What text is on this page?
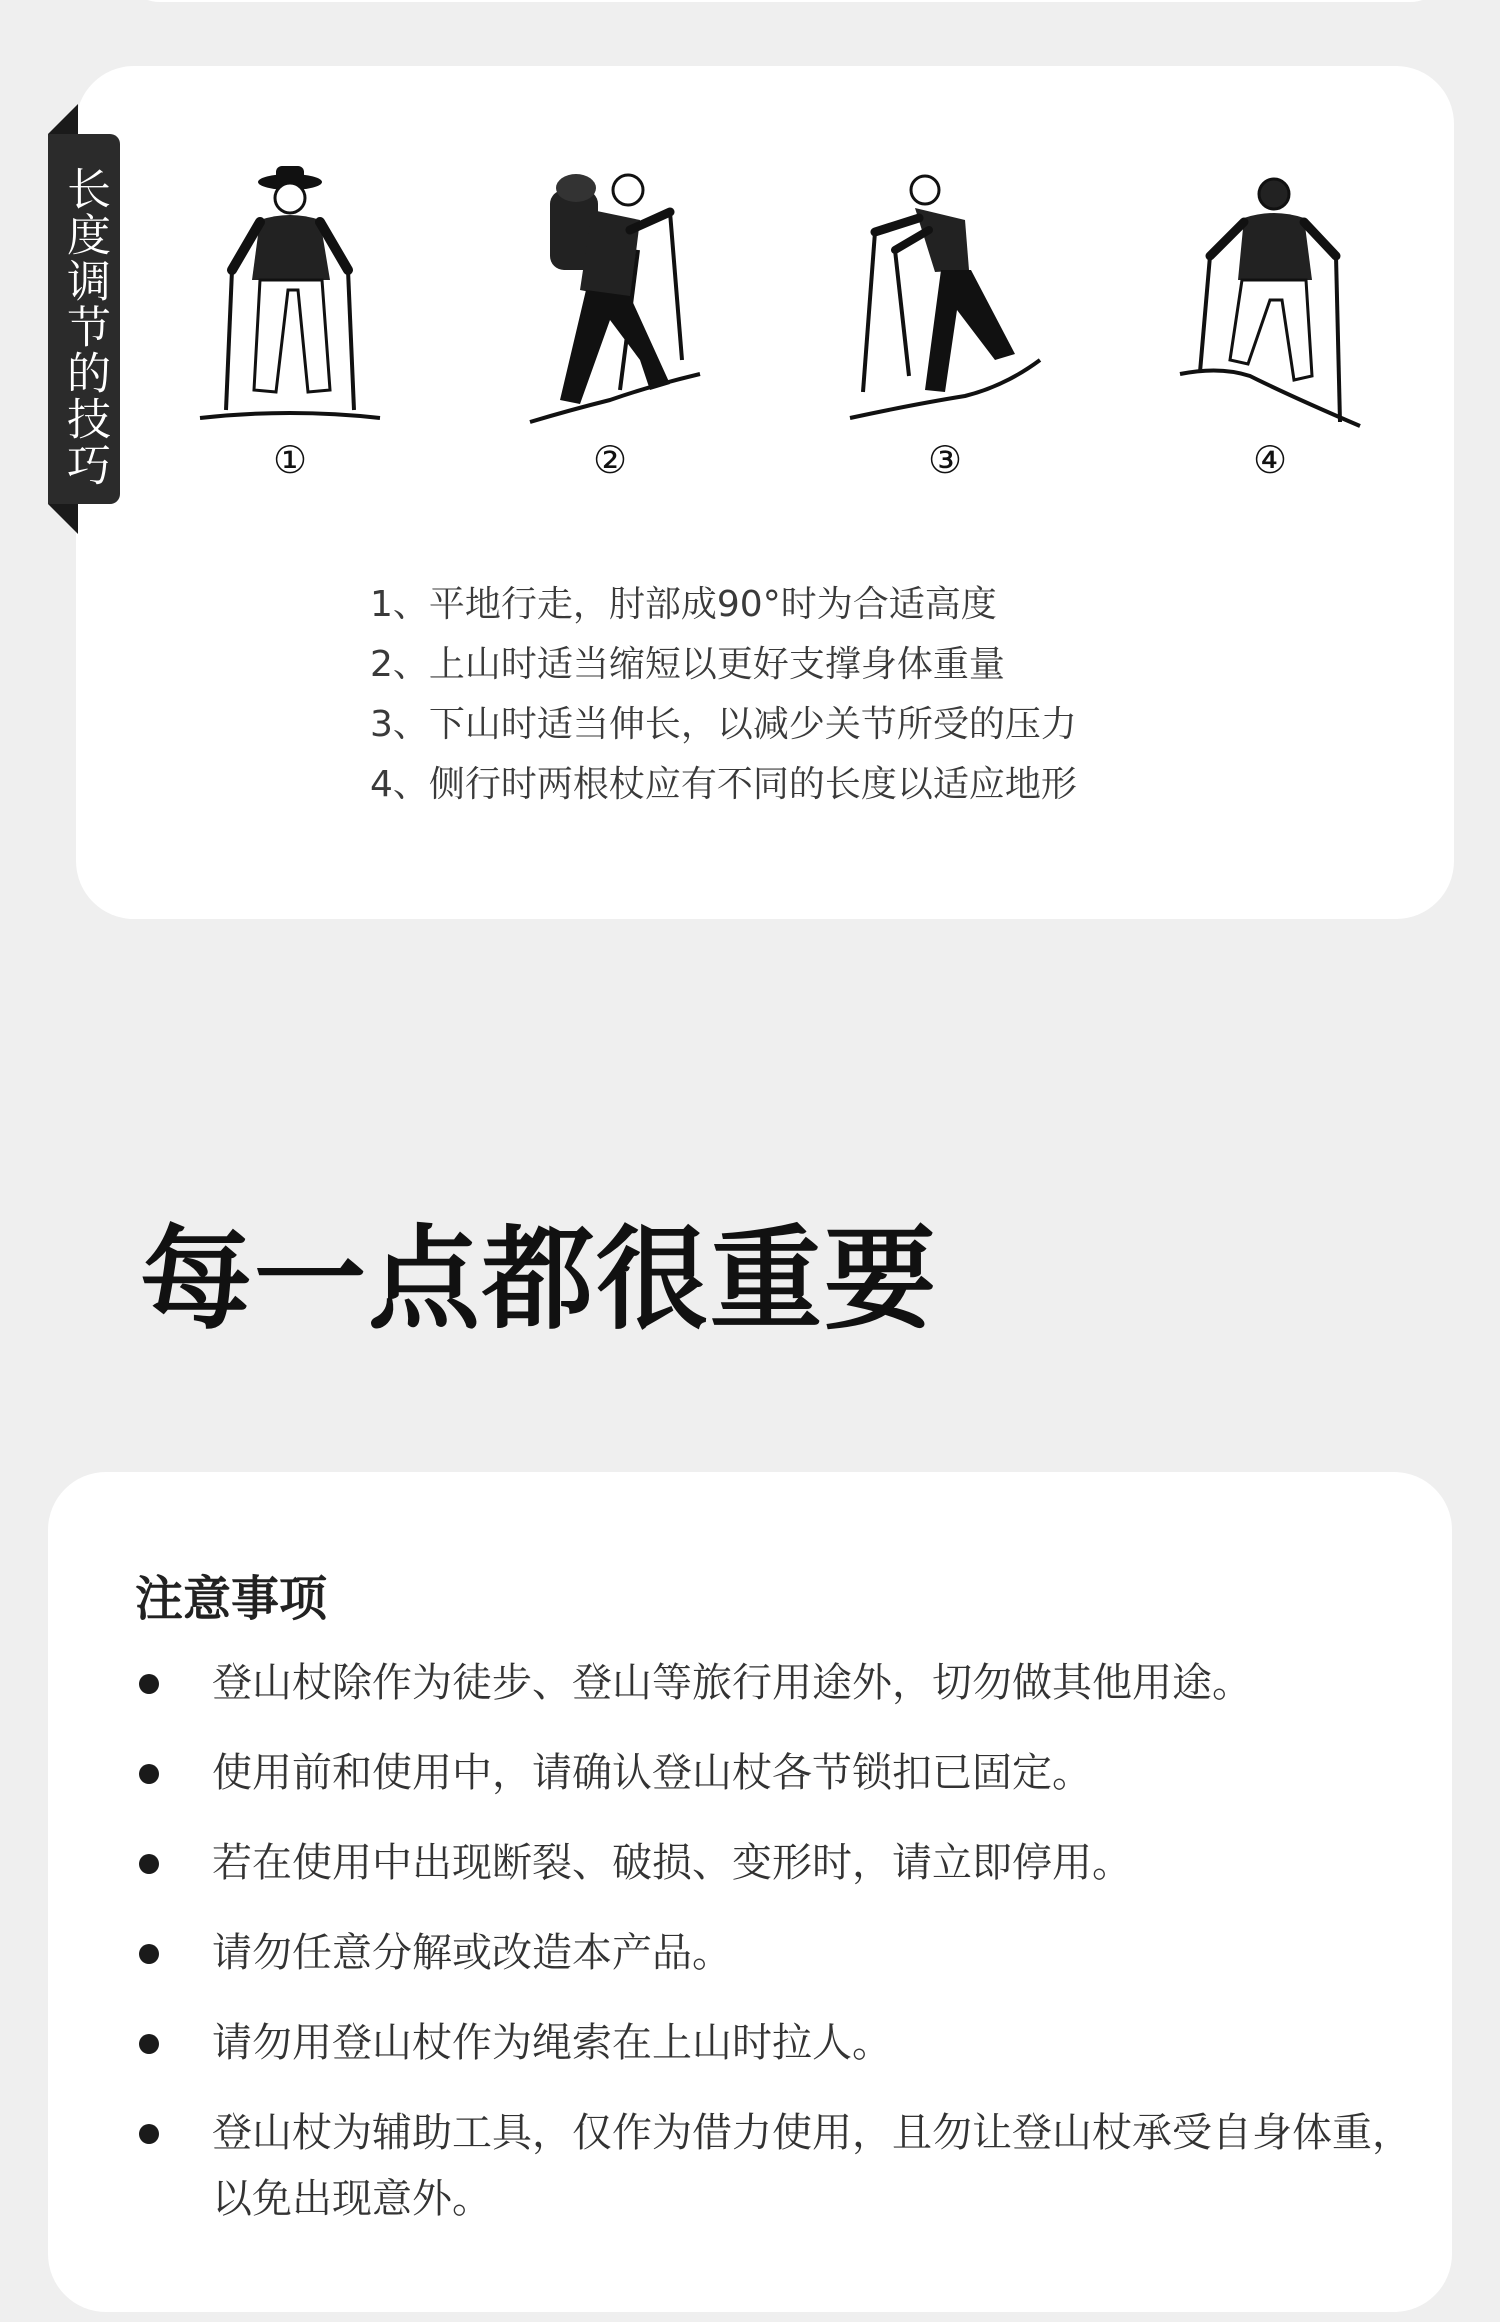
长度调节的技巧	①	②	③	④
1、平地行走，肘部成90°时为合适高度
2、上山时适当缩短以更好支撑身体重量
3、下山时适当伸长，以减少关节所受的压力
4、侧行时两根杖应有不同的长度以适应地形
每一点都很重要
注意事项
登山杖除作为徒步、登山等旅行用途外，切勿做其他用途。
使用前和使用中，请确认登山杖各节锁扣已固定。
若在使用中出现断裂、破损、变形时，请立即停用。
请勿任意分解或改造本产品。
请勿用登山杖作为绳索在上山时拉人。
登山杖为辅助工具，仅作为借力使用，且勿让登山杖承受自身体重，以免出现意外。
